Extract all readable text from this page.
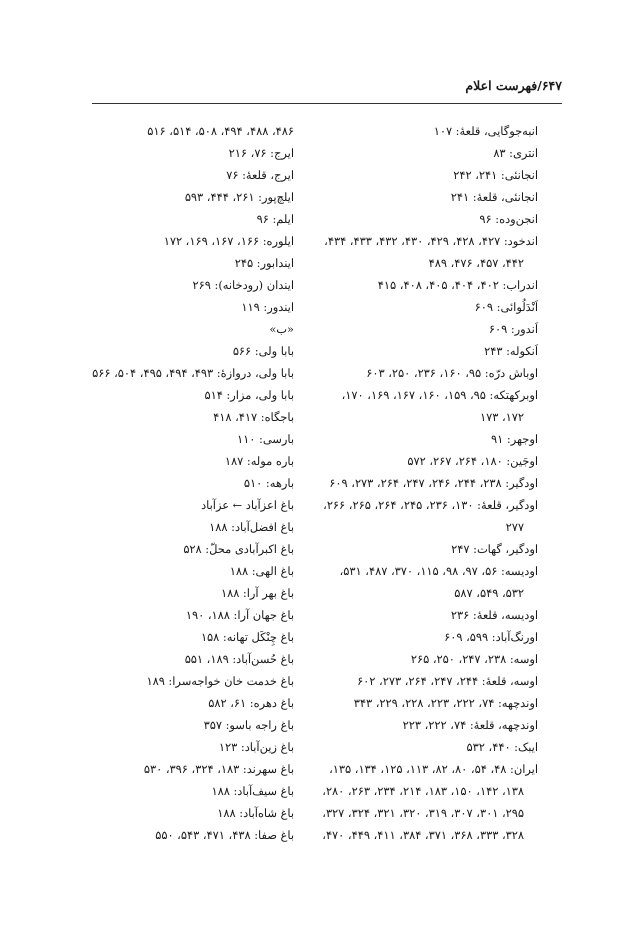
۶۴۷/فهرست اعلام
انبه‌جوگایی، قلعهٔ: ۱۰۷
انتری: ۸۳
انجانئی: ۲۴۱، ۲۴۲
انجانئی، قلعهٔ: ۲۴۱
انجن‌وده: ۹۶
اندخود: ۴۲۷، ۴۲۸، ۴۲۹، ۴۳۰، ۴۳۲، ۴۳۳، ۴۳۴،
۴۴۲، ۴۵۷، ۴۷۶، ۴۸۹
اندراب: ۴۰۲، ۴۰۴، ۴۰۵، ۴۰۸، ۴۱۵
اَنْدَلُوائی: ۶۰۹
اَندور: ۶۰۹
اَنکوله: ۲۴۳
اوباش درّه: ۹۵، ۱۶۰، ۲۳۶، ۲۵۰، ۶۰۳
اوبرکهتکه: ۹۵، ۱۵۹، ۱۶۰، ۱۶۷، ۱۶۹، ۱۷۰،
۱۷۲، ۱۷۳
اوجهر: ۹۱
اوجَین: ۱۸۰، ۲۶۴، ۲۶۷، ۵۷۲
اودگیر: ۲۳۸، ۲۴۴، ۲۴۶، ۲۴۷، ۲۶۴، ۲۷۳، ۶۰۹
اودگیر، قلعهٔ: ۱۳۰، ۲۳۶، ۲۴۵، ۲۶۴، ۲۶۵، ۲۶۶،
۲۷۷
اودگیر، گهات: ۲۴۷
اودیسه: ۵۶، ۹۷، ۹۸، ۱۱۵، ۳۷۰، ۴۸۷، ۵۳۱،
۵۳۲، ۵۴۹، ۵۸۷
اودیسه، قلعهٔ: ۲۳۶
اورنگ‌آباد: ۵۹۹، ۶۰۹
اوسه: ۲۳۸، ۲۴۷، ۲۵۰، ۲۶۵
اوسه، قلعهٔ: ۲۴۴، ۲۴۷، ۲۶۴، ۲۷۳، ۶۰۲
اوندچهه: ۷۴، ۲۲۲، ۲۲۳، ۲۲۸، ۲۲۹، ۳۴۳
اوندچهه، قلعهٔ: ۷۴، ۲۲۲، ۲۲۳
ایبک: ۴۴۰، ۵۳۲
ایران: ۴۸، ۵۴، ۸۰، ۸۲، ۱۱۳، ۱۲۵، ۱۳۴، ۱۳۵،
۱۳۸، ۱۴۲، ۱۵۰، ۱۸۳، ۲۱۴، ۲۳۴، ۲۶۳، ۲۸۰،
۲۹۵، ۳۰۱، ۳۰۷، ۳۱۹، ۳۲۰، ۳۲۱، ۳۲۴، ۳۲۷،
۳۲۸، ۳۳۳، ۳۶۸، ۳۷۱، ۳۸۴، ۴۱۱، ۴۴۹، ۴۷۰،
۴۸۶، ۴۸۸، ۴۹۴، ۵۰۸، ۵۱۴، ۵۱۶
ایرج: ۷۶، ۲۱۶
ایرج، قلعهٔ: ۷۶
ایلچ‌پور: ۲۶۱، ۴۴۴، ۵۹۳
ایلم: ۹۶
ایلوره: ۱۶۶، ۱۶۷، ۱۶۹، ۱۷۲
ایندابور: ۲۴۵
ایندان (رودخانه): ۲۶۹
ایندور: ۱۱۹
«ب»
بابا ولی: ۵۶۶
بابا ولی، دروازهٔ: ۴۹۳، ۴۹۴، ۴۹۵، ۵۰۴، ۵۶۶
بابا ولی، مزار: ۵۱۴
باجگاه: ۴۱۷، ۴۱۸
بارسی: ۱۱۰
باره موله: ۱۸۷
بارهه: ۵۱۰
باغ اعزآباد ← عزآباد
باغ افضل‌آباد: ۱۸۸
باغ اکبرآبادی محلّ: ۵۲۸
باغ الهی: ۱۸۸
باغ بهر آرا: ۱۸۸
باغ جهان آرا: ۱۸۸، ۱۹۰
باغ چِنْکَل تهانه: ۱۵۸
باغ حُسن‌آباد: ۱۸۹، ۵۵۱
باغ خدمت خان خواجه‌سرا: ۱۸۹
باغ دهره: ۶۱، ۵۸۲
باغ راجه باسو: ۳۵۷
باغ زین‌آباد: ۱۲۳
باغ سهرند: ۱۸۳، ۳۲۴، ۳۹۶، ۵۳۰
باغ سیف‌آباد: ۱۸۸
باغ شاه‌آباد: ۱۸۸
باغ صفا: ۴۳۸، ۴۷۱، ۵۴۳، ۵۵۰
